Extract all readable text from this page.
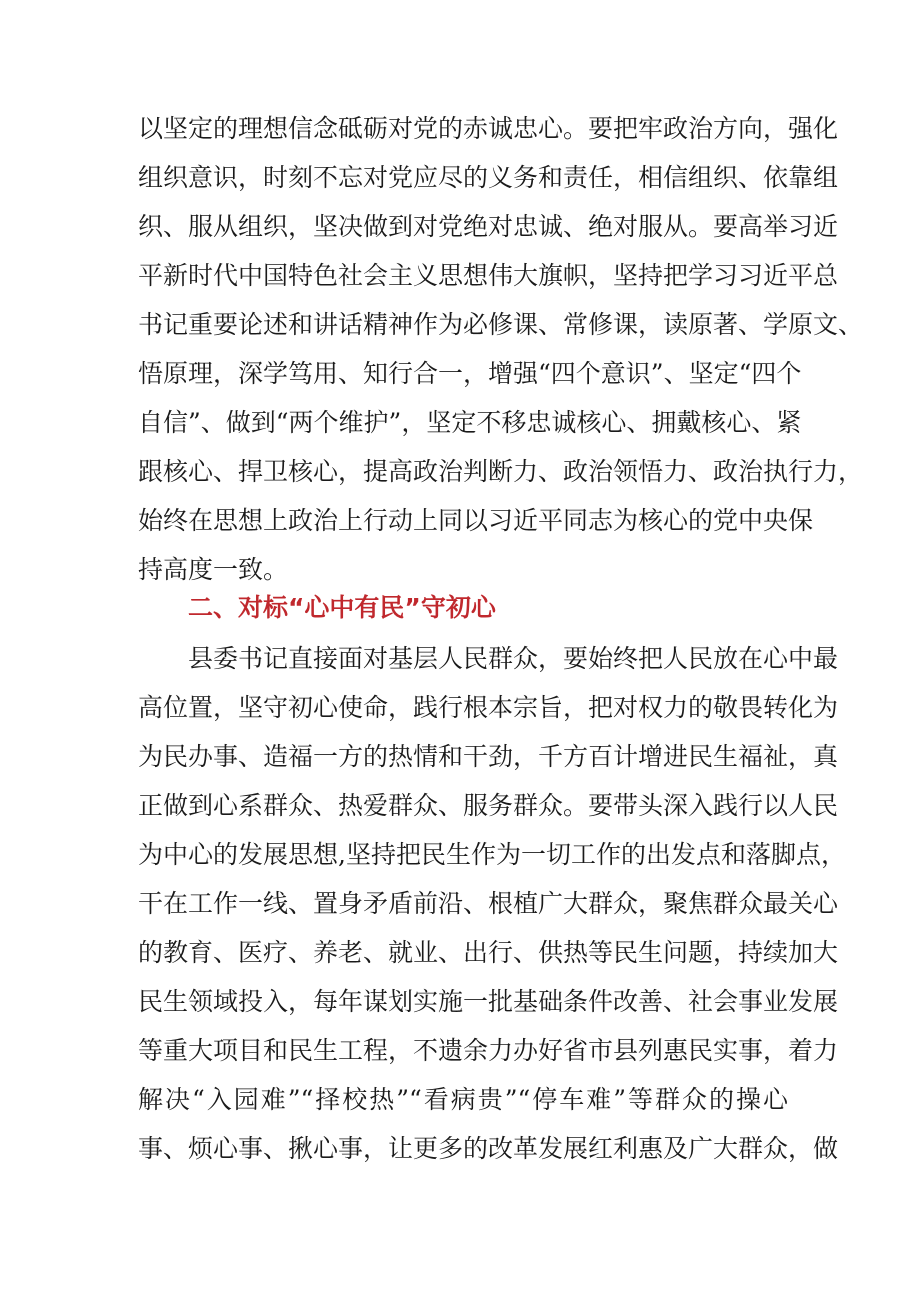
以坚定的理想信念砥砺对党的赤诚忠心。要把牢政治方向，强化
组织意识，时刻不忘对党应尽的义务和责任，相信组织、依靠组
织、服从组织，坚决做到对党绝对忠诚、绝对服从。要高举习近
平新时代中国特色社会主义思想伟大旗帜，坚持把学习习近平总
书记重要论述和讲话精神作为必修课、常修课，读原著、学原文、
悟原理，深学笃用、知行合一，增强“四个意识”、坚定“四个
自信”、做到“两个维护”，坚定不移忠诚核心、拥戴核心、紧
跟核心、捍卫核心，提高政治判断力、政治领悟力、政治执行力，
始终在思想上政治上行动上同以习近平同志为核心的党中央保
持高度一致。
二、对标“心中有民”守初心
县委书记直接面对基层人民群众，要始终把人民放在心中最
高位置，坚守初心使命，践行根本宗旨，把对权力的敬畏转化为
为民办事、造福一方的热情和干劲，千方百计增进民生福祉，真
正做到心系群众、热爱群众、服务群众。要带头深入践行以人民
为中心的发展思想,坚持把民生作为一切工作的出发点和落脚点，
干在工作一线、置身矛盾前沿、根植广大群众，聚焦群众最关心
的教育、医疗、养老、就业、出行、供热等民生问题，持续加大
民生领域投入，每年谋划实施一批基础条件改善、社会事业发展
等重大项目和民生工程，不遗余力办好省市县列惠民实事，着力
解决“入园难”“择校热”“看病贵”“停车难”等群众的操心
事、烦心事、揪心事，让更多的改革发展红利惠及广大群众，做
